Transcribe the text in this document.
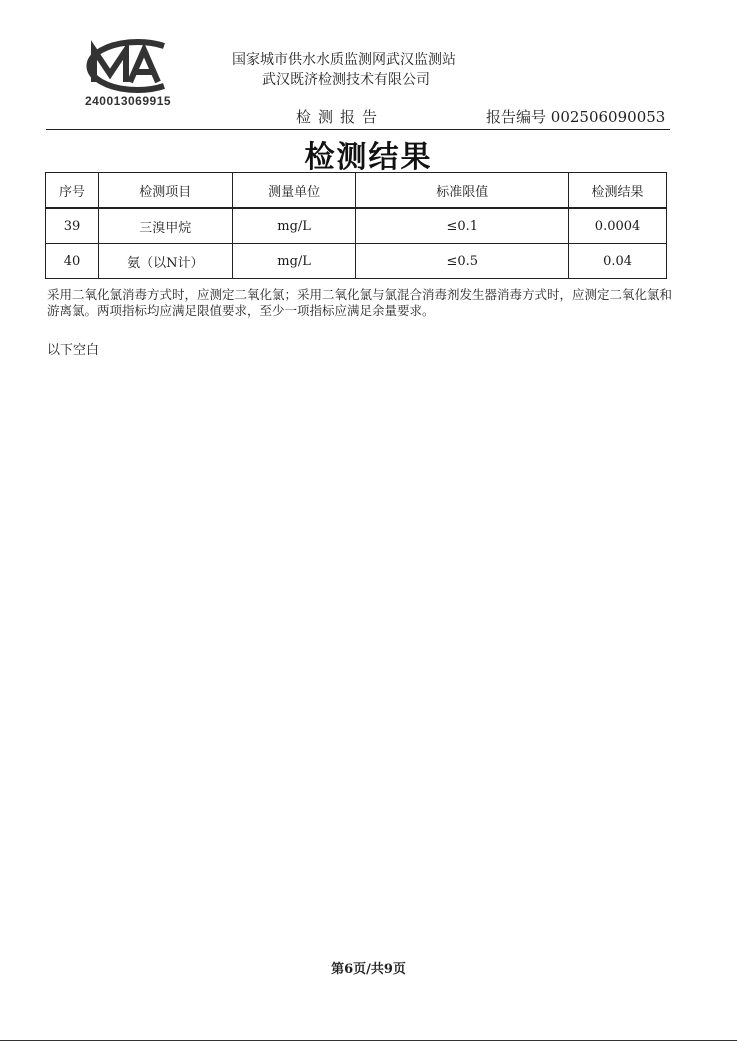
240013069915
国家城市供水水质监测网武汉监测站
武汉既济检测技术有限公司
检测报告	报告编号 002506090053
检测结果
序号	检测项目	测量单位	标准限值	检测结果
39	三溴甲烷	mg/L	≤0.1	0.0004
40	氨（以N计）	mg/L	≤0.5	0.04
采用二氧化氯消毒方式时，应测定二氧化氯；采用二氧化氯与氯混合消毒剂发生器消毒方式时，应测定二氧化氯和游离氯。两项指标均应满足限值要求，至少一项指标应满足余量要求。
以下空白
第6页/共9页
